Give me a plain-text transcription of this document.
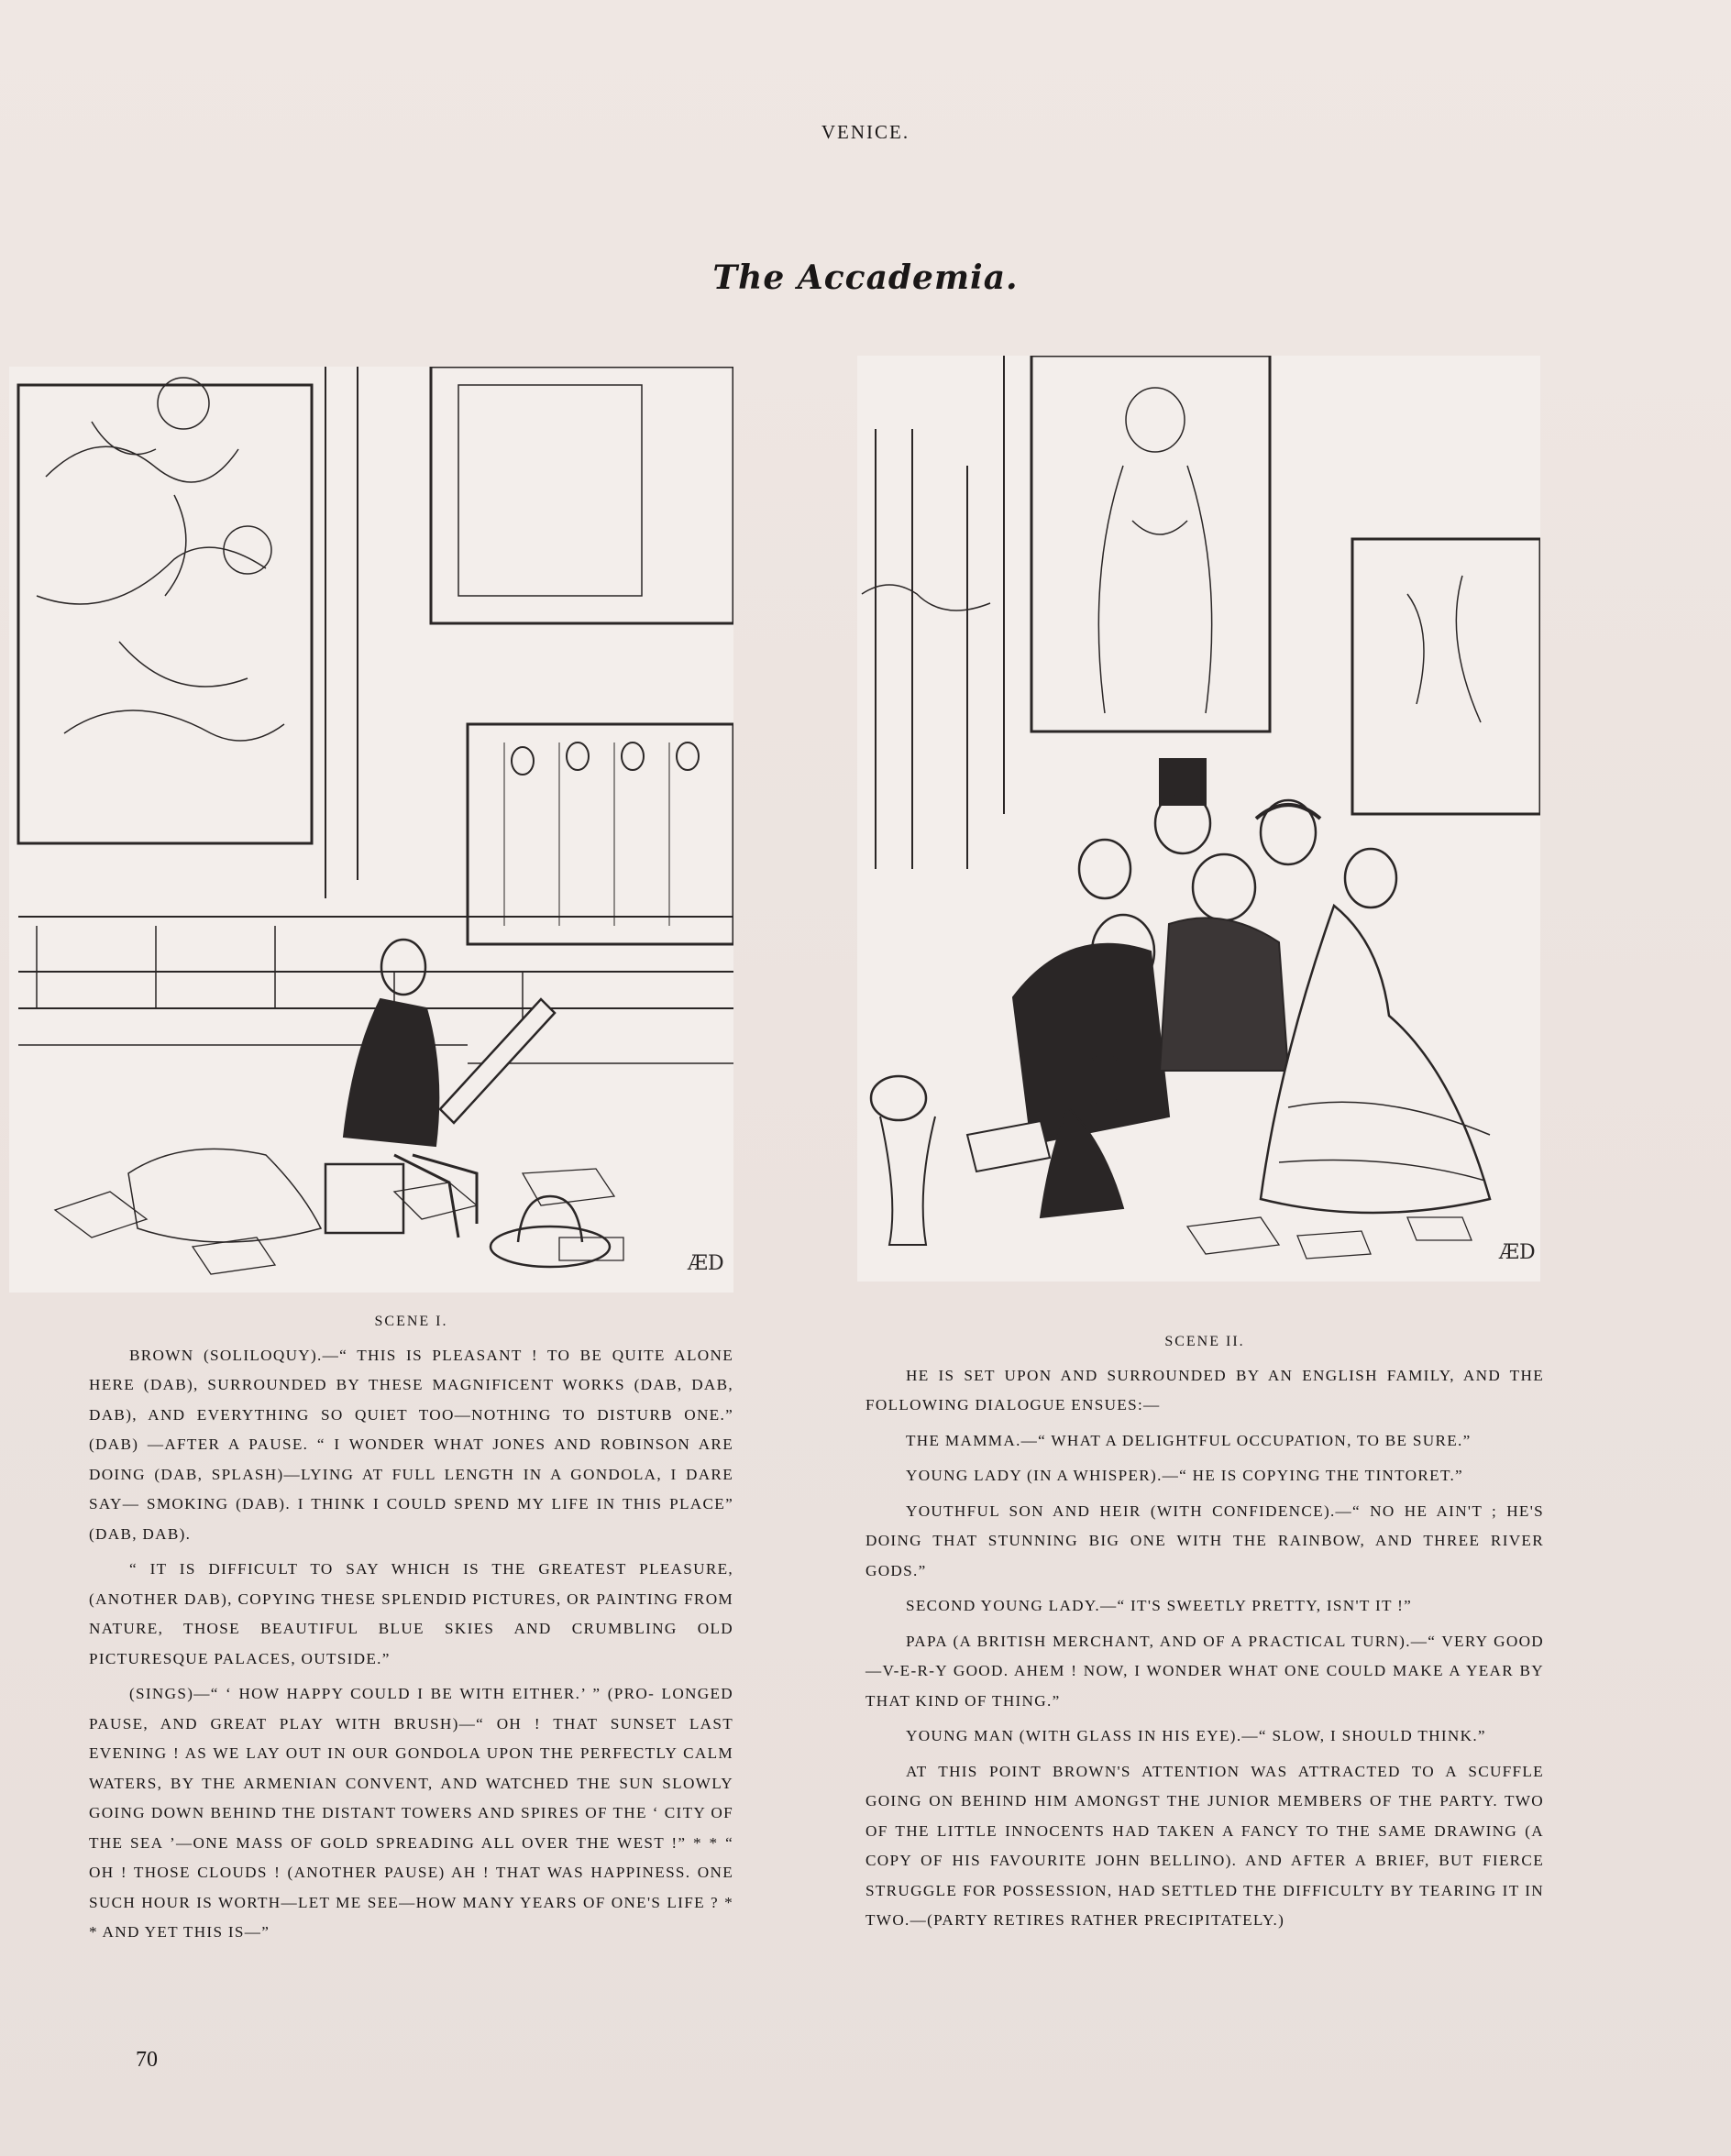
VENICE.
The Accademia.
ÆD	ÆD
SCENE I.

BROWN (SOLILOQUY).—“ THIS IS PLEASANT ! TO BE QUITE ALONE HERE (DAB), SURROUNDED BY THESE MAGNIFICENT WORKS (DAB, DAB, DAB), AND EVERYTHING SO QUIET TOO—NOTHING TO DISTURB ONE.” (DAB) —AFTER A PAUSE. “ I WONDER WHAT JONES AND ROBINSON ARE DOING (DAB, SPLASH)—LYING AT FULL LENGTH IN A GONDOLA, I DARE SAY— SMOKING (DAB). I THINK I COULD SPEND MY LIFE IN THIS PLACE” (DAB, DAB).

“ IT IS DIFFICULT TO SAY WHICH IS THE GREATEST PLEASURE, (ANOTHER DAB), COPYING THESE SPLENDID PICTURES, OR PAINTING FROM NATURE, THOSE BEAUTIFUL BLUE SKIES AND CRUMBLING OLD PICTURESQUE PALACES, OUTSIDE.”

(SINGS)—“ ‘ HOW HAPPY COULD I BE WITH EITHER.’ ” (PRO- LONGED PAUSE, AND GREAT PLAY WITH BRUSH)—“ OH ! THAT SUNSET LAST EVENING ! AS WE LAY OUT IN OUR GONDOLA UPON THE PERFECTLY CALM WATERS, BY THE ARMENIAN CONVENT, AND WATCHED THE SUN SLOWLY GOING DOWN BEHIND THE DISTANT TOWERS AND SPIRES OF THE ‘ CITY OF THE SEA ’—ONE MASS OF GOLD SPREADING ALL OVER THE WEST !” * * “ OH ! THOSE CLOUDS ! (ANOTHER PAUSE) AH ! THAT WAS HAPPINESS. ONE SUCH HOUR IS WORTH—LET ME SEE—HOW MANY YEARS OF ONE'S LIFE ? * * AND YET THIS IS—”

SCENE II.

HE IS SET UPON AND SURROUNDED BY AN ENGLISH FAMILY, AND THE FOLLOWING DIALOGUE ENSUES:—

THE MAMMA.—“ WHAT A DELIGHTFUL OCCUPATION, TO BE SURE.”

YOUNG LADY (IN A WHISPER).—“ HE IS COPYING THE TINTORET.”

YOUTHFUL SON AND HEIR (WITH CONFIDENCE).—“ NO HE AIN'T ; HE'S DOING THAT STUNNING BIG ONE WITH THE RAINBOW, AND THREE RIVER GODS.”

SECOND YOUNG LADY.—“ IT'S SWEETLY PRETTY, ISN'T IT !”

PAPA (A BRITISH MERCHANT, AND OF A PRACTICAL TURN).—“ VERY GOOD—V-E-R-Y GOOD. AHEM ! NOW, I WONDER WHAT ONE COULD MAKE A YEAR BY THAT KIND OF THING.”

YOUNG MAN (WITH GLASS IN HIS EYE).—“ SLOW, I SHOULD THINK.”

AT THIS POINT BROWN'S ATTENTION WAS ATTRACTED TO A SCUFFLE GOING ON BEHIND HIM AMONGST THE JUNIOR MEMBERS OF THE PARTY. TWO OF THE LITTLE INNOCENTS HAD TAKEN A FANCY TO THE SAME DRAWING (A COPY OF HIS FAVOURITE JOHN BELLINO). AND AFTER A BRIEF, BUT FIERCE STRUGGLE FOR POSSESSION, HAD SETTLED THE DIFFICULTY BY TEARING IT IN TWO.—(PARTY RETIRES RATHER PRECIPITATELY.)

70
